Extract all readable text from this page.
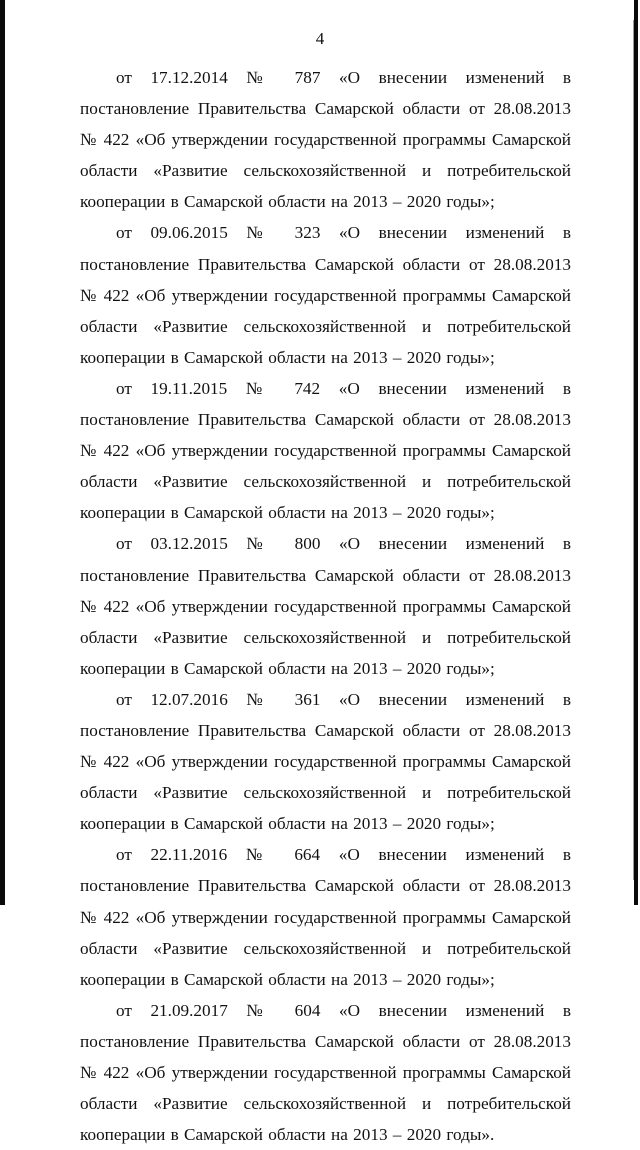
4

от 17.12.2014 № 787 «О внесении изменений в постановление Правительства Самарской области от 28.08.2013 № 422 «Об утверждении государственной программы Самарской области «Развитие сельскохозяйственной и потребительской кооперации в Самарской области на 2013 – 2020 годы»;

от 09.06.2015 № 323 «О внесении изменений в постановление Правительства Самарской области от 28.08.2013 № 422 «Об утверждении государственной программы Самарской области «Развитие сельскохозяйственной и потребительской кооперации в Самарской области на 2013 – 2020 годы»;

от 19.11.2015 № 742 «О внесении изменений в постановление Правительства Самарской области от 28.08.2013 № 422 «Об утверждении государственной программы Самарской области «Развитие сельскохозяйственной и потребительской кооперации в Самарской области на 2013 – 2020 годы»;

от 03.12.2015 № 800 «О внесении изменений в постановление Правительства Самарской области от 28.08.2013 № 422 «Об утверждении государственной программы Самарской области «Развитие сельскохозяйственной и потребительской кооперации в Самарской области на 2013 – 2020 годы»;

от 12.07.2016 № 361 «О внесении изменений в постановление Правительства Самарской области от 28.08.2013 № 422 «Об утверждении государственной программы Самарской области «Развитие сельскохозяйственной и потребительской кооперации в Самарской области на 2013 – 2020 годы»;

от 22.11.2016 № 664 «О внесении изменений в постановление Правительства Самарской области от 28.08.2013 № 422 «Об утверждении государственной программы Самарской области «Развитие сельскохозяйственной и потребительской кооперации в Самарской области на 2013 – 2020 годы»;

от 21.09.2017 № 604 «О внесении изменений в постановление Правительства Самарской области от 28.08.2013 № 422 «Об утверждении государственной программы Самарской области «Развитие сельскохозяйственной и потребительской кооперации в Самарской области на 2013 – 2020 годы».
